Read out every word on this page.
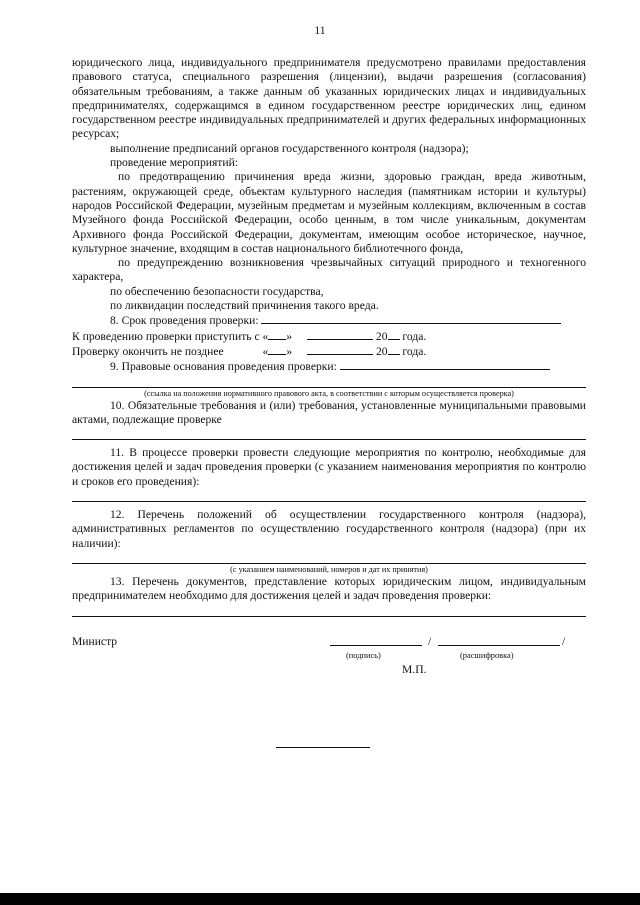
11

юридического лица, индивидуального предпринимателя предусмотрено правилами предоставления правового статуса, специального разрешения (лицензии), выдачи разрешения (согласования) обязательным требованиям, а также данным об указанных юридических лицах и индивидуальных предпринимателях, содержащимся в едином государственном реестре юридических лиц, едином государственном реестре индивидуальных предпринимателей и других федеральных информационных ресурсах;

выполнение предписаний органов государственного контроля (надзора);

проведение мероприятий:

по предотвращению причинения вреда жизни, здоровью граждан, вреда животным, растениям, окружающей среде, объектам культурного наследия (памятникам истории и культуры) народов Российской Федерации, музейным предметам и музейным коллекциям, включенным в состав Музейного фонда Российской Федерации, особо ценным, в том числе уникальным, документам Архивного фонда Российской Федерации, документам, имеющим особое историческое, научное, культурное значение, входящим в состав национального библиотечного фонда,

по предупреждению возникновения чрезвычайных ситуаций природного и техногенного характера,

по обеспечению безопасности государства,

по ликвидации последствий причинения такого вреда.

8. Срок проведения проверки:

К проведению проверки приступить с « »	20 года.

Проверку окончить не позднее	« »	20 года.

9. Правовые основания проведения проверки:

(ссылка на положения нормативного правового акта, в соответствии с которым осуществляется проверка)

10. Обязательные требования и (или) требования, установленные муниципальными правовыми актами, подлежащие проверке

11. В процессе проверки провести следующие мероприятия по контролю, необходимые для достижения целей и задач проведения проверки (с указанием наименования мероприятия по контролю и сроков его проведения):

12. Перечень положений об осуществлении государственного контроля (надзора), административных регламентов по осуществлению государственного контроля (надзора) (при их наличии):

(с указанием наименований, номеров и дат их принятия)

13. Перечень документов, представление которых юридическим лицом, индивидуальным предпринимателем необходимо для достижения целей и задач проведения проверки:

Министр	/	/
(подпись)	(расшифровка)
М.П.
